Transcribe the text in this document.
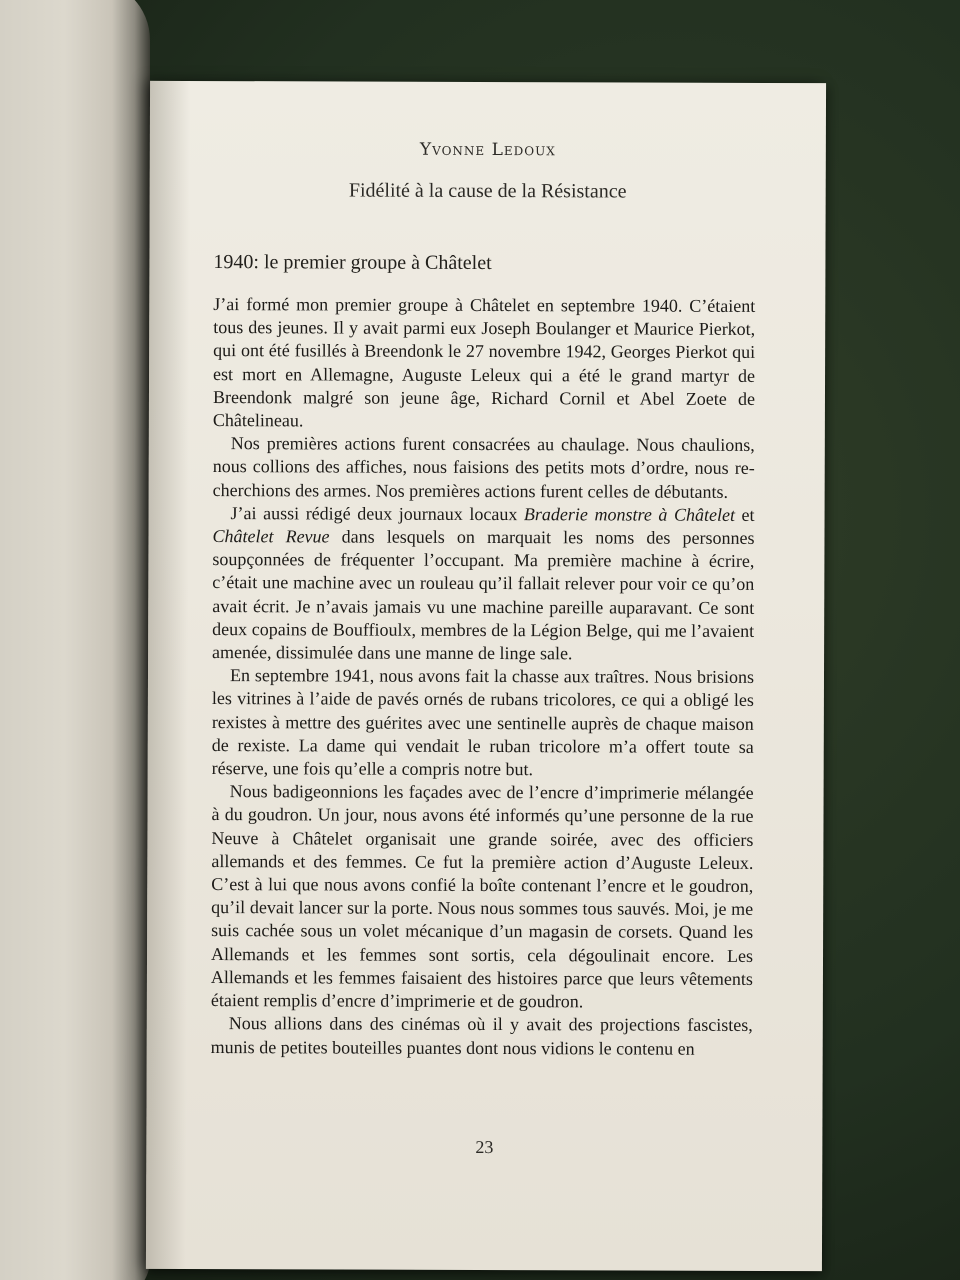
Yvonne Ledoux
Fidélité à la cause de la Résistance
1940: le premier groupe à Châtelet

J’ai formé mon premier groupe à Châtelet en septembre 1940. C’étaient tous des jeunes. Il y avait parmi eux Joseph Boulanger et Maurice Pierkot, qui ont été fusillés à Breendonk le 27 novembre 1942, Georges Pierkot qui est mort en Allemagne, Auguste Leleux qui a été le grand martyr de Breendonk malgré son jeune âge, Richard Cornil et Abel Zoete de Châtelineau.

Nos premières actions furent consacrées au chaulage. Nous chaulions, nous collions des affiches, nous faisions des petits mots d’ordre, nous recherchions des armes. Nos premières actions furent celles de débutants.

J’ai aussi rédigé deux journaux locaux Braderie monstre à Châtelet et Châtelet Revue dans lesquels on marquait les noms des personnes soupçonnées de fréquenter l’occupant. Ma première machine à écrire, c’était une machine avec un rouleau qu’il fallait relever pour voir ce qu’on avait écrit. Je n’avais jamais vu une machine pareille auparavant. Ce sont deux copains de Bouffioulx, membres de la Légion Belge, qui me l’avaient amenée, dissimulée dans une manne de linge sale.

En septembre 1941, nous avons fait la chasse aux traîtres. Nous brisions les vitrines à l’aide de pavés ornés de rubans tricolores, ce qui a obligé les rexistes à mettre des guérites avec une sentinelle auprès de chaque maison de rexiste. La dame qui vendait le ruban tricolore m’a offert toute sa réserve, une fois qu’elle a compris notre but.

Nous badigeonnions les façades avec de l’encre d’imprimerie mélangée à du goudron. Un jour, nous avons été informés qu’une personne de la rue Neuve à Châtelet organisait une grande soirée, avec des officiers allemands et des femmes. Ce fut la première action d’Auguste Leleux. C’est à lui que nous avons confié la boîte contenant l’encre et le goudron, qu’il devait lancer sur la porte. Nous nous sommes tous sauvés. Moi, je me suis cachée sous un volet mécanique d’un magasin de corsets. Quand les Allemands et les femmes sont sortis, cela dégoulinait encore. Les Allemands et les femmes faisaient des histoires parce que leurs vêtements étaient remplis d’encre d’imprimerie et de goudron.

Nous allions dans des cinémas où il y avait des projections fascistes, munis de petites bouteilles puantes dont nous vidions le contenu en

23
